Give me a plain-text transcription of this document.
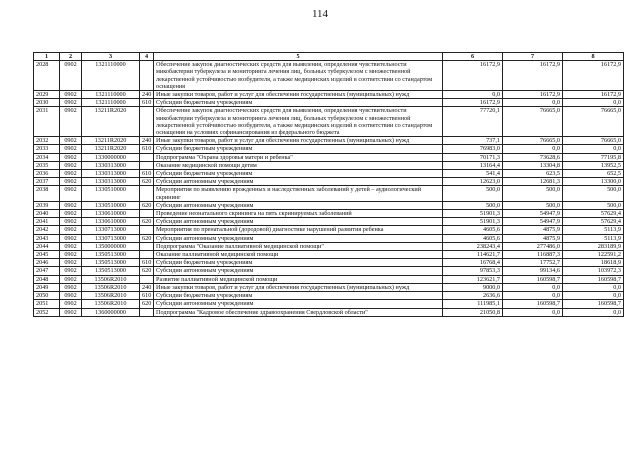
114
1	2	3	4	5	6	7	8
2028	0902	1321110000		Обеспечение закупок диагностических средств для выявления, определения чувствительности микобактерии туберкулеза и мониторинга лечения лиц, больных туберкулезом с множественной лекарственной устойчивостью возбудителя, а также медицинских изделий в соответствии со стандартом оснащения	16172,9	16172,9	16172,9
2029	0902	1321110000	240	Иные закупки товаров, работ и услуг для обеспечения государственных (муниципальных) нужд	0,0	16172,9	16172,9
2030	0902	1321110000	610	Субсидии бюджетным учреждениям	16172,9	0,0	0,0
2031	0902	13211R2020		Обеспечение закупок диагностических средств для выявления, определения чувствительности микобактерии туберкулеза и мониторинга лечения лиц, больных туберкулезом с множественной лекарственной устойчивостью возбудителя, а также медицинских изделий в соответствии со стандартом оснащения на условиях софинансирования из федерального бюджета	77720,1	76665,0	76665,0
2032	0902	13211R2020	240	Иные закупки товаров, работ и услуг для обеспечения государственных (муниципальных) нужд	737,1	76665,0	76665,0
2033	0902	13211R2020	610	Субсидии бюджетным учреждениям	76983,0	0,0	0,0
2034	0902	1330000000		Подпрограмма "Охрана здоровья матери и ребенка"	70171,3	73628,6	77195,8
2035	0902	1330313000		Оказание медицинской помощи детям	13164,4	13304,8	13952,5
2036	0902	1330313000	610	Субсидии бюджетным учреждениям	541,4	623,5	652,5
2037	0902	1330313000	620	Субсидии автономным учреждениям	12623,0	12681,3	13300,0
2038	0902	1330510000		Мероприятия по выявлению врожденных и наследственных заболеваний у детей – аудиологический скрининг	500,0	500,0	500,0
2039	0902	1330510000	620	Субсидии автономным учреждениям	500,0	500,0	500,0
2040	0902	1330610000		Проведение неонатального скрининга на пять скринируемых заболеваний	51901,3	54947,9	57629,4
2041	0902	1330610000	620	Субсидии автономным учреждениям	51901,3	54947,9	57629,4
2042	0902	1330713000		Мероприятия по пренатальной (дородовой) диагностике нарушений развития ребенка	4605,6	4875,9	5113,9
2043	0902	1330713000	620	Субсидии автономным учреждениям	4605,6	4875,9	5113,9
2044	0902	1350000000		Подпрограмма "Оказание паллиативной медицинской помощи"	238243,4	277486,0	283189,9
2045	0902	1350513000		Оказание паллиативной медицинской помощи	114621,7	116887,3	122591,2
2046	0902	1350513000	610	Субсидии бюджетным учреждениям	16768,4	17752,7	18618,9
2047	0902	1350513000	620	Субсидии автономным учреждениям	97853,3	99134,6	103972,3
2048	0902	13506R2010		Развитие паллиативной медицинской помощи	123621,7	160598,7	160598,7
2049	0902	13506R2010	240	Иные закупки товаров, работ и услуг для обеспечения государственных (муниципальных) нужд	9000,0	0,0	0,0
2050	0902	13506R2010	610	Субсидии бюджетным учреждениям	2636,6	0,0	0,0
2051	0902	13506R2010	620	Субсидии автономным учреждениям	111985,1	160598,7	160598,7
2052	0902	1360000000		Подпрограмма "Кадровое обеспечение здравоохранения Свердловской области"	21050,8	0,0	0,0
